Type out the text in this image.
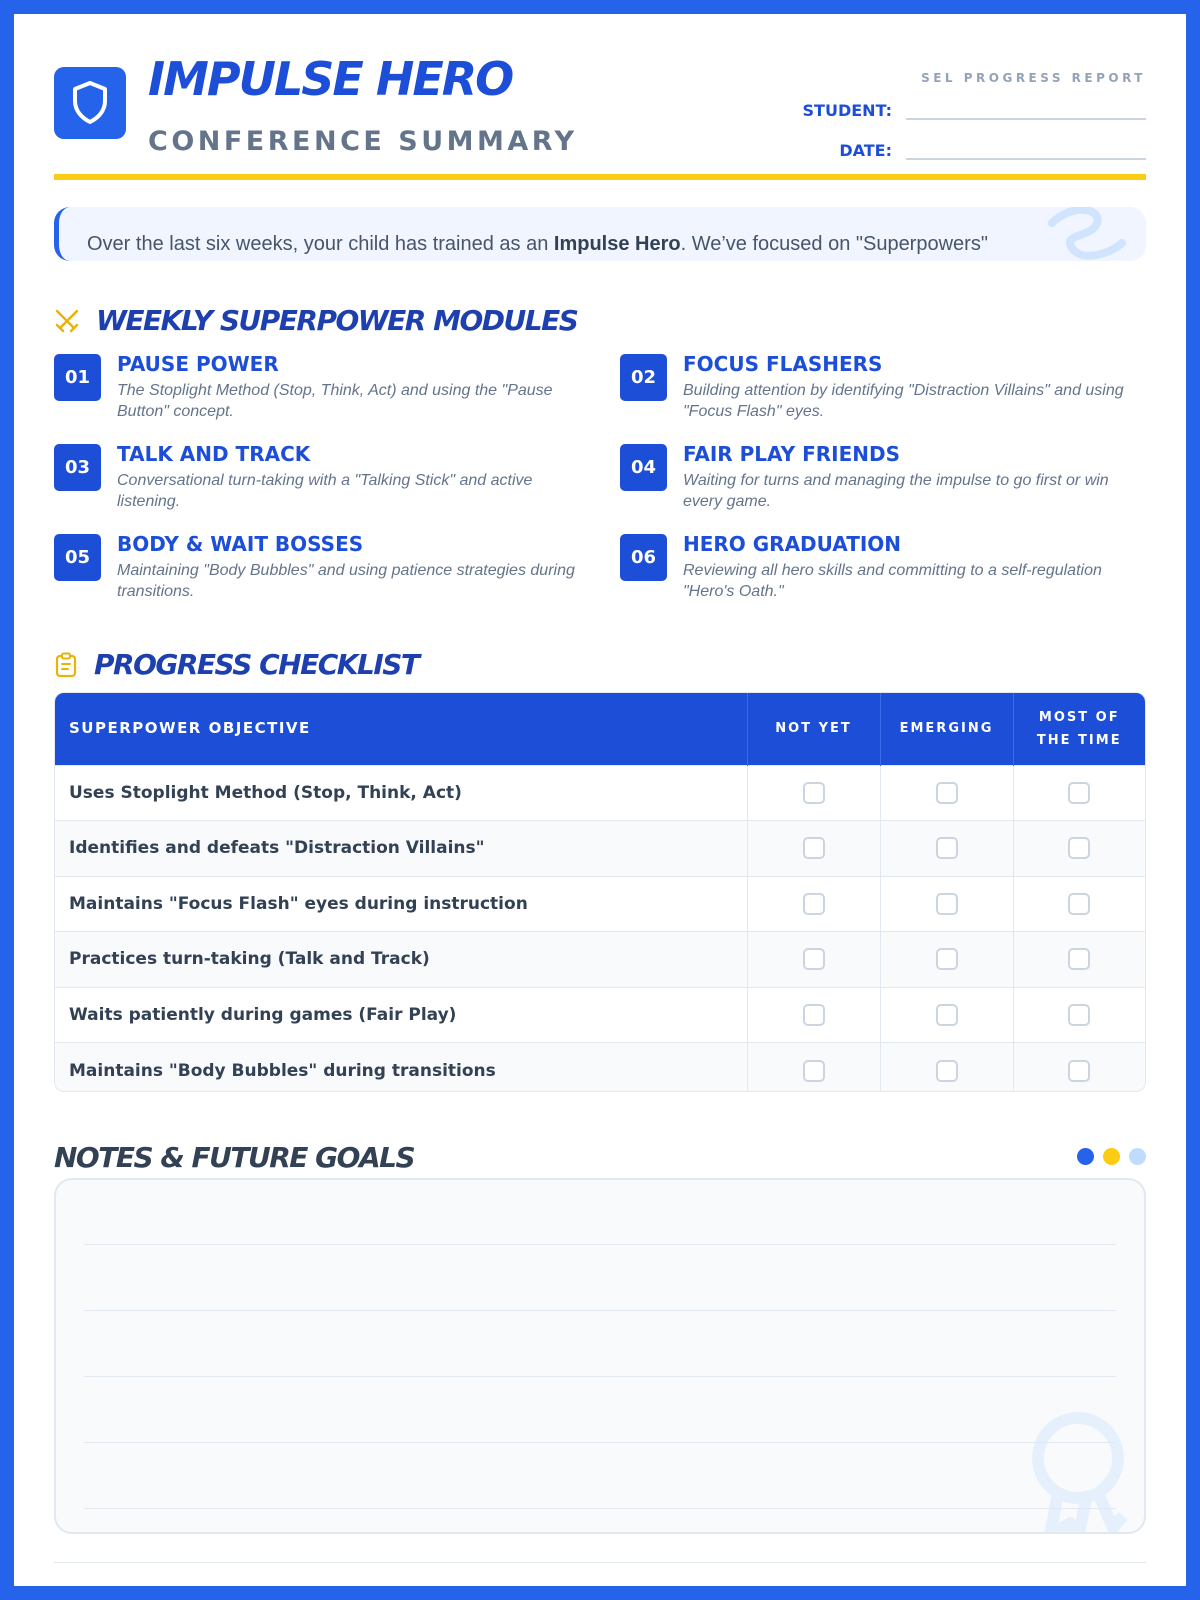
IMPULSE HERO
CONFERENCE SUMMARY
SEL PROGRESS REPORT
STUDENT:
DATE:
Over the last six weeks, your child has trained as an Impulse Hero. We’ve focused on "Superpowers"
WEEKLY SUPERPOWER MODULES
01
PAUSE POWER
The Stoplight Method (Stop, Think, Act) and using the "Pause Button" concept.
02
FOCUS FLASHERS
Building attention by identifying "Distraction Villains" and using "Focus Flash" eyes.
03
TALK AND TRACK
Conversational turn-taking with a "Talking Stick" and active listening.
04
FAIR PLAY FRIENDS
Waiting for turns and managing the impulse to go first or win every game.
05
BODY & WAIT BOSSES
Maintaining "Body Bubbles" and using patience strategies during transitions.
06
HERO GRADUATION
Reviewing all hero skills and committing to a self-regulation "Hero's Oath."
PROGRESS CHECKLIST
SUPERPOWER OBJECTIVE	NOT YET	EMERGING	MOST OF
THE TIME
Uses Stoplight Method (Stop, Think, Act)			
Identifies and defeats "Distraction Villains"			
Maintains "Focus Flash" eyes during instruction			
Practices turn-taking (Talk and Track)			
Waits patiently during games (Fair Play)			
Maintains "Body Bubbles" during transitions			
NOTES & FUTURE GOALS
